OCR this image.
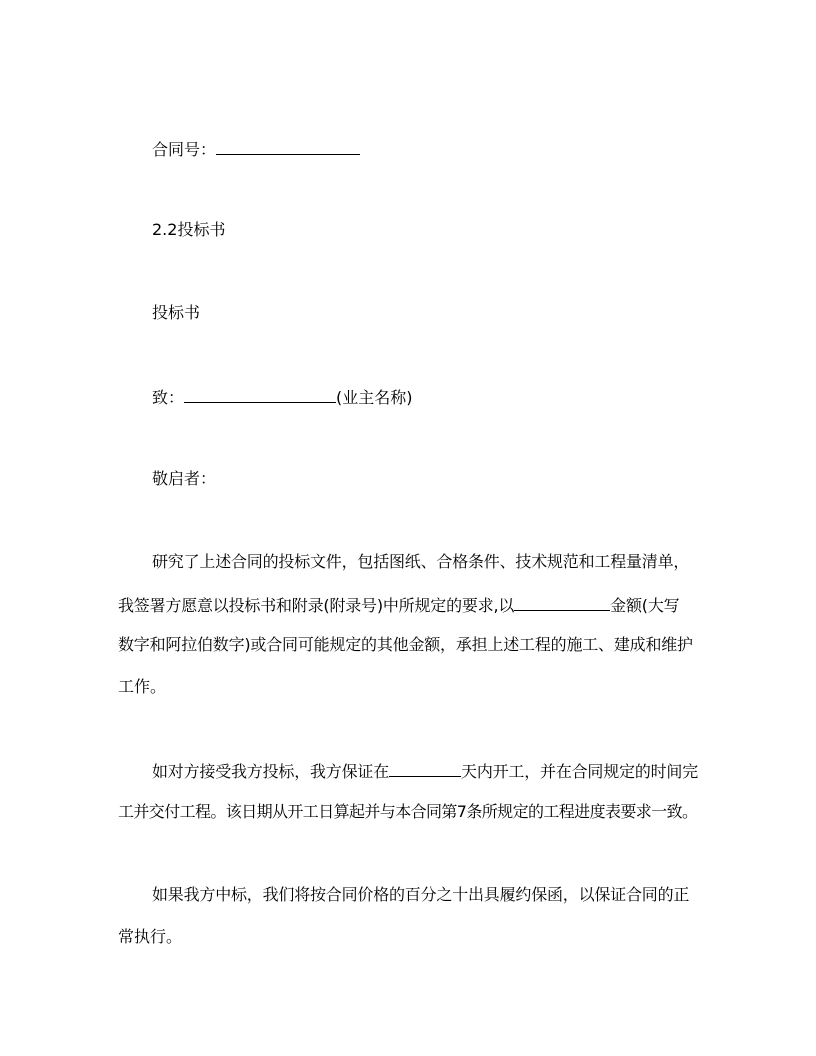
合同号：
2.2投标书
投标书
致：	(业主名称)
敬启者：
研究了上述合同的投标文件，包括图纸、合格条件、技术规范和工程量清单，
我签署方愿意以投标书和附录(附录号)中所规定的要求,以	金额(大写
数字和阿拉伯数字)或合同可能规定的其他金额，承担上述工程的施工、建成和维护
工作。
如对方接受我方投标，我方保证在	天内开工，并在合同规定的时间完
工并交付工程。该日期从开工日算起并与本合同第7条所规定的工程进度表要求一致。
如果我方中标，我们将按合同价格的百分之十出具履约保函，以保证合同的正
常执行。
